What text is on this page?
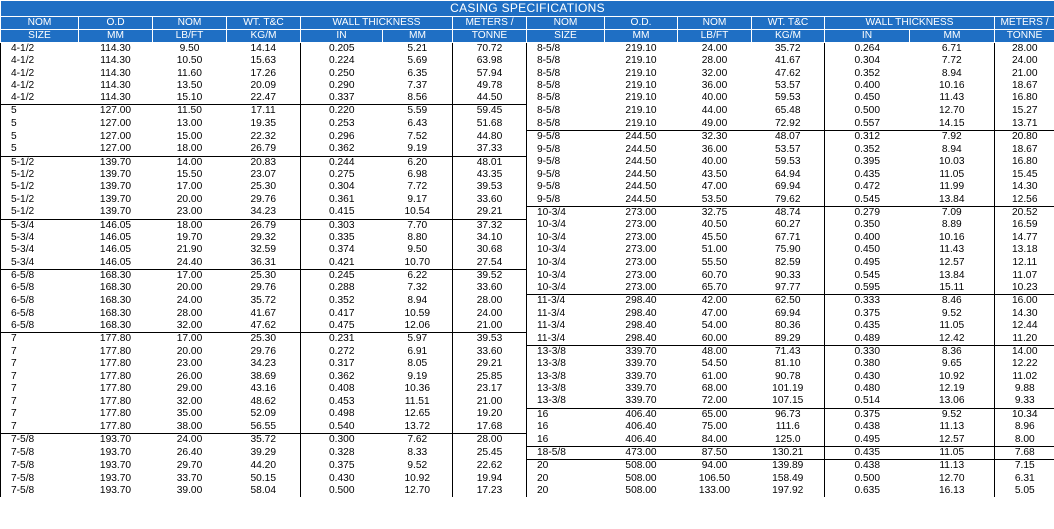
CASING SPECIFICATIONS													
NOM	O.D	NOM	WT. T&C	WALL THICKNESS		METERS /	NOM	O.D.	NOM	WT. T&C	WALL THICKNESS		METERS /
SIZE	MM	LB/FT	KG/M	IN	MM	TONNE	SIZE	MM	LB/FT	KG/M	IN	MM	TONNE
4-1/2	114.30	9.50	14.14	0.205	5.21	70.72	8-5/8	219.10	24.00	35.72	0.264	6.71	28.00
4-1/2	114.30	10.50	15.63	0.224	5.69	63.98	8-5/8	219.10	28.00	41.67	0.304	7.72	24.00
4-1/2	114.30	11.60	17.26	0.250	6.35	57.94	8-5/8	219.10	32.00	47.62	0.352	8.94	21.00
4-1/2	114.30	13.50	20.09	0.290	7.37	49.78	8-5/8	219.10	36.00	53.57	0.400	10.16	18.67
4-1/2	114.30	15.10	22.47	0.337	8.56	44.50	8-5/8	219.10	40.00	59.53	0.450	11.43	16.80
5	127.00	11.50	17.11	0.220	5.59	59.45	8-5/8	219.10	44.00	65.48	0.500	12.70	15.27
5	127.00	13.00	19.35	0.253	6.43	51.68	8-5/8	219.10	49.00	72.92	0.557	14.15	13.71
5	127.00	15.00	22.32	0.296	7.52	44.80	9-5/8	244.50	32.30	48.07	0.312	7.92	20.80
5	127.00	18.00	26.79	0.362	9.19	37.33	9-5/8	244.50	36.00	53.57	0.352	8.94	18.67
5-1/2	139.70	14.00	20.83	0.244	6.20	48.01	9-5/8	244.50	40.00	59.53	0.395	10.03	16.80
5-1/2	139.70	15.50	23.07	0.275	6.98	43.35	9-5/8	244.50	43.50	64.94	0.435	11.05	15.45
5-1/2	139.70	17.00	25.30	0.304	7.72	39.53	9-5/8	244.50	47.00	69.94	0.472	11.99	14.30
5-1/2	139.70	20.00	29.76	0.361	9.17	33.60	9-5/8	244.50	53.50	79.62	0.545	13.84	12.56
5-1/2	139.70	23.00	34.23	0.415	10.54	29.21	10-3/4	273.00	32.75	48.74	0.279	7.09	20.52
5-3/4	146.05	18.00	26.79	0.303	7.70	37.32	10-3/4	273.00	40.50	60.27	0.350	8.89	16.59
5-3/4	146.05	19.70	29.32	0.335	8.80	34.10	10-3/4	273.00	45.50	67.71	0.400	10.16	14.77
5-3/4	146.05	21.90	32.59	0.374	9.50	30.68	10-3/4	273.00	51.00	75.90	0.450	11.43	13.18
5-3/4	146.05	24.40	36.31	0.421	10.70	27.54	10-3/4	273.00	55.50	82.59	0.495	12.57	12.11
6-5/8	168.30	17.00	25.30	0.245	6.22	39.52	10-3/4	273.00	60.70	90.33	0.545	13.84	11.07
6-5/8	168.30	20.00	29.76	0.288	7.32	33.60	10-3/4	273.00	65.70	97.77	0.595	15.11	10.23
6-5/8	168.30	24.00	35.72	0.352	8.94	28.00	11-3/4	298.40	42.00	62.50	0.333	8.46	16.00
6-5/8	168.30	28.00	41.67	0.417	10.59	24.00	11-3/4	298.40	47.00	69.94	0.375	9.52	14.30
6-5/8	168.30	32.00	47.62	0.475	12.06	21.00	11-3/4	298.40	54.00	80.36	0.435	11.05	12.44
7	177.80	17.00	25.30	0.231	5.97	39.53	11-3/4	298.40	60.00	89.29	0.489	12.42	11.20
7	177.80	20.00	29.76	0.272	6.91	33.60	13-3/8	339.70	48.00	71.43	0.330	8.36	14.00
7	177.80	23.00	34.23	0.317	8.05	29.21	13-3/8	339.70	54.50	81.10	0.380	9.65	12.22
7	177.80	26.00	38.69	0.362	9.19	25.85	13-3/8	339.70	61.00	90.78	0.430	10.92	11.02
7	177.80	29.00	43.16	0.408	10.36	23.17	13-3/8	339.70	68.00	101.19	0.480	12.19	9.88
7	177.80	32.00	48.62	0.453	11.51	21.00	13-3/8	339.70	72.00	107.15	0.514	13.06	9.33
7	177.80	35.00	52.09	0.498	12.65	19.20	16	406.40	65.00	96.73	0.375	9.52	10.34
7	177.80	38.00	56.55	0.540	13.72	17.68	16	406.40	75.00	111.6	0.438	11.13	8.96
7-5/8	193.70	24.00	35.72	0.300	7.62	28.00	16	406.40	84.00	125.0	0.495	12.57	8.00
7-5/8	193.70	26.40	39.29	0.328	8.33	25.45	18-5/8	473.00	87.50	130.21	0.435	11.05	7.68
7-5/8	193.70	29.70	44.20	0.375	9.52	22.62	20	508.00	94.00	139.89	0.438	11.13	7.15
7-5/8	193.70	33.70	50.15	0.430	10.92	19.94	20	508.00	106.50	158.49	0.500	12.70	6.31
7-5/8	193.70	39.00	58.04	0.500	12.70	17.23	20	508.00	133.00	197.92	0.635	16.13	5.05
